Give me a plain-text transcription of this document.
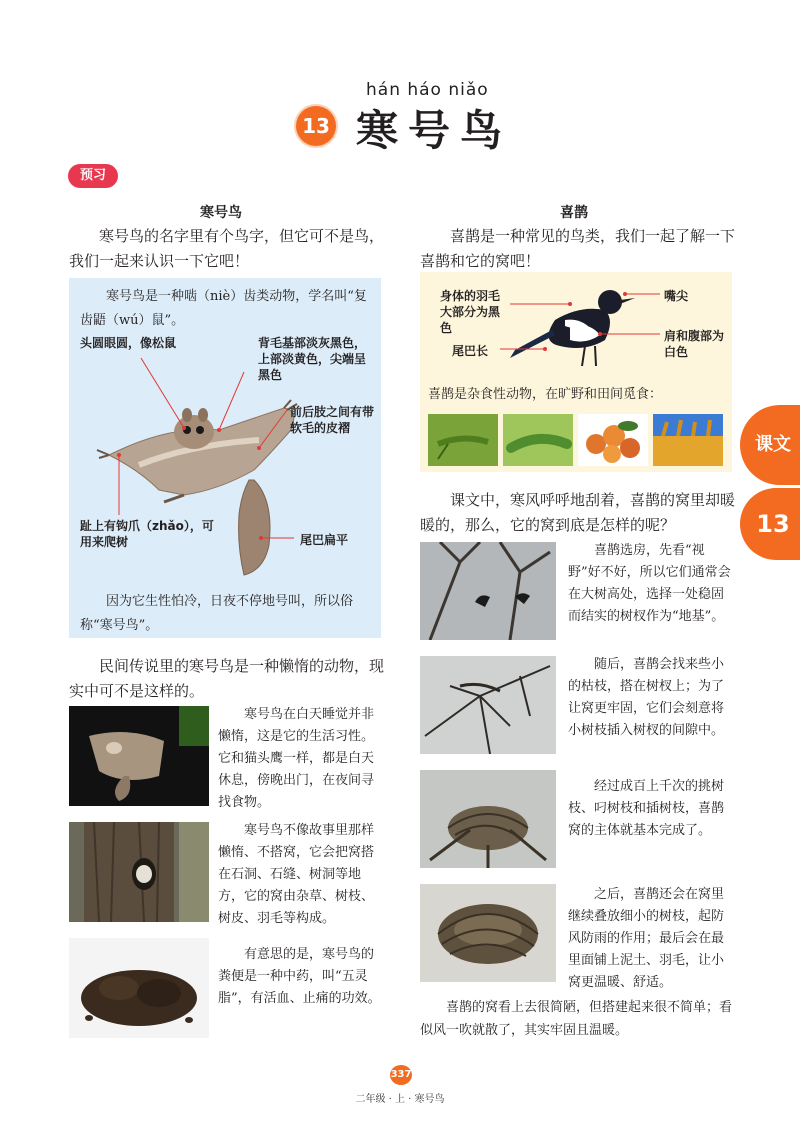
hán háo niǎo
13 寒号鸟
预习
寒号鸟

寒号鸟的名字里有个鸟字，但它可不是鸟，我们一起来认识一下它吧！

寒号鸟是一种啮（niè）齿类动物，学名叫“复齿鼯（wú）鼠”。

头圆眼圆，像松鼠	背毛基部淡灰黑色，上部淡黄色，尖端呈黑色
前后肢之间有带软毛的皮褶
趾上有钩爪（zhǎo），可用来爬树	尾巴扁平

因为它生性怕冷，日夜不停地号叫，所以俗称“寒号鸟”。

民间传说里的寒号鸟是一种懒惰的动物，现实中可不是这样的。

寒号鸟在白天睡觉并非懒惰，这是它的生活习性。它和猫头鹰一样，都是白天休息，傍晚出门，在夜间寻找食物。

寒号鸟不像故事里那样懒惰、不搭窝，它会把窝搭在石洞、石缝、树洞等地方，它的窝由杂草、树枝、树皮、羽毛等构成。

有意思的是，寒号鸟的粪便是一种中药，叫“五灵脂”，有活血、止痛的功效。

喜鹊

喜鹊是一种常见的鸟类，我们一起了解一下喜鹊和它的窝吧！

身体的羽毛大部分为黑色
嘴尖
尾巴长
肩和腹部为白色

喜鹊是杂食性动物，在旷野和田间觅食：

课文中，寒风呼呼地刮着，喜鹊的窝里却暖暖的，那么，它的窝到底是怎样的呢？

喜鹊选房，先看“视野”好不好，所以它们通常会在大树高处，选择一处稳固而结实的树杈作为“地基”。

随后，喜鹊会找来些小的枯枝，搭在树杈上；为了让窝更牢固，它们会刻意将小树枝插入树杈的间隙中。

经过成百上千次的挑树枝、叼树枝和插树枝，喜鹊窝的主体就基本完成了。

之后，喜鹊还会在窝里继续叠放细小的树枝，起防风防雨的作用；最后会在最里面铺上泥土、羽毛，让小窝更温暖、舒适。

喜鹊的窝看上去很简陋，但搭建起来很不简单；看似风一吹就散了，其实牢固且温暖。

课文
13
337
二年级 · 上 · 寒号鸟
